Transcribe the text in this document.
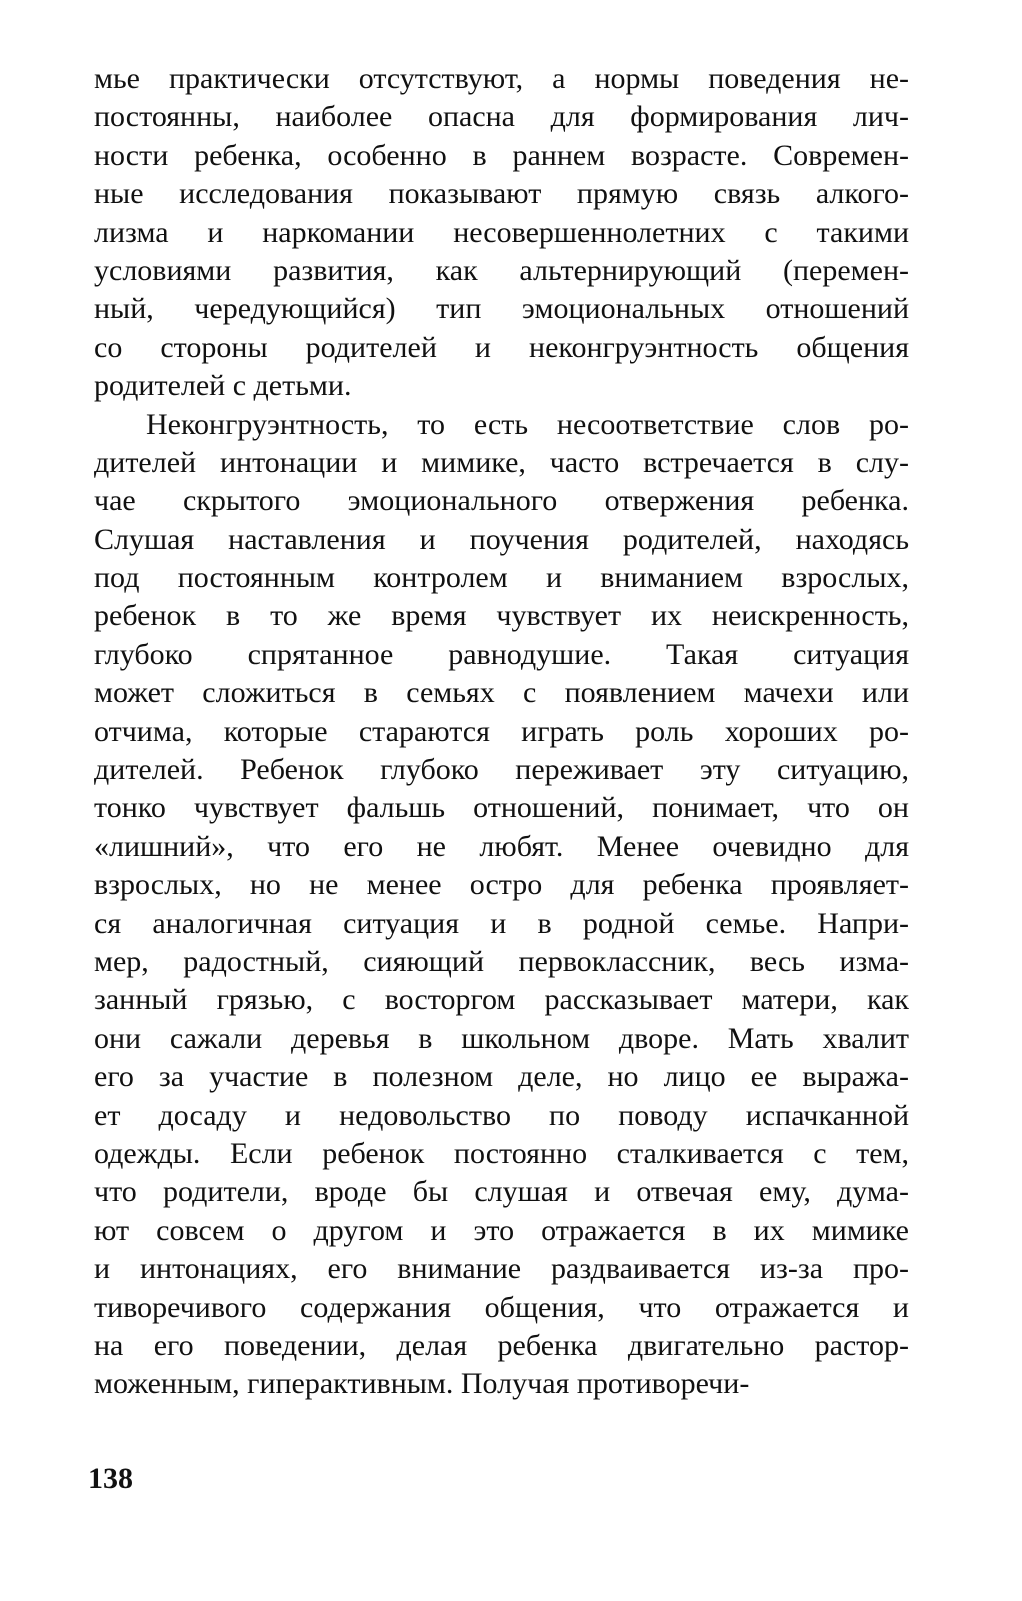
мье практически отсутствуют, а нормы поведения не-
постоянны, наиболее опасна для формирования лич-
ности ребенка, особенно в раннем возрасте. Современ-
ные исследования показывают прямую связь алкого-
лизма и наркомании несовершеннолетних с такими
условиями развития, как альтернирующий (перемен-
ный, чередующийся) тип эмоциональных отношений
со стороны родителей и неконгруэнтность общения
родителей с детьми.
Неконгруэнтность, то есть несоответствие слов ро-
дителей интонации и мимике, часто встречается в слу-
чае скрытого эмоционального отвержения ребенка.
Слушая наставления и поучения родителей, находясь
под постоянным контролем и вниманием взрослых,
ребенок в то же время чувствует их неискренность,
глубоко спрятанное равнодушие. Такая ситуация
может сложиться в семьях с появлением мачехи или
отчима, которые стараются играть роль хороших ро-
дителей. Ребенок глубоко переживает эту ситуацию,
тонко чувствует фальшь отношений, понимает, что он
«лишний», что его не любят. Менее очевидно для
взрослых, но не менее остро для ребенка проявляет-
ся аналогичная ситуация и в родной семье. Напри-
мер, радостный, сияющий первоклассник, весь изма-
занный грязью, с восторгом рассказывает матери, как
они сажали деревья в школьном дворе. Мать хвалит
его за участие в полезном деле, но лицо ее выража-
ет досаду и недовольство по поводу испачканной
одежды. Если ребенок постоянно сталкивается с тем,
что родители, вроде бы слушая и отвечая ему, дума-
ют совсем о другом и это отражается в их мимике
и интонациях, его внимание раздваивается из-за про-
тиворечивого содержания общения, что отражается и
на его поведении, делая ребенка двигательно растор-
моженным, гиперактивным. Получая противоречи-
138
